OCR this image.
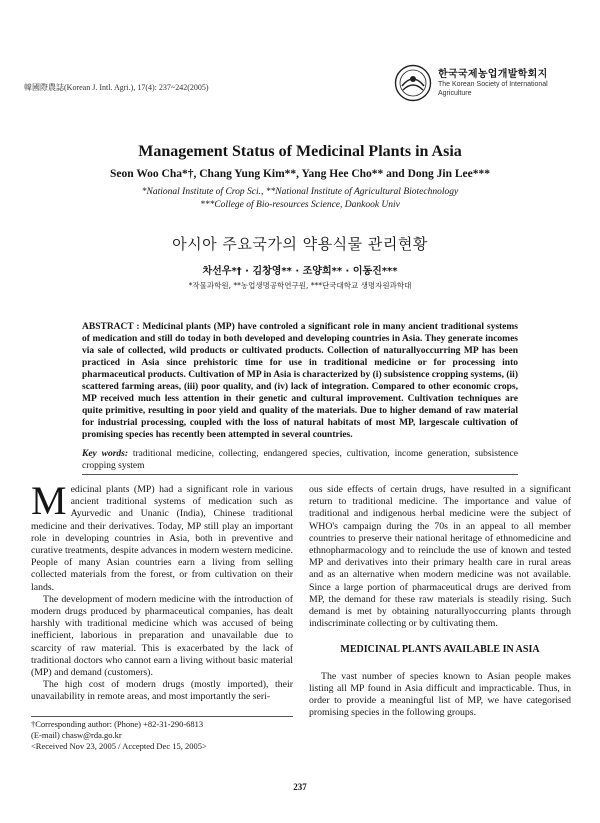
韓國際農誌(Korean J. Intl. Agri.), 17(4): 237~242(2005)
한국국제농업개발학회지
The Korean Society of International Agriculture
Management Status of Medicinal Plants in Asia
Seon Woo Cha*†, Chang Yung Kim**, Yang Hee Cho** and Dong Jin Lee***
*National Institute of Crop Sci., **National Institute of Agricultural Biotechnology
***College of Bio-resources Science, Dankook Univ
아시아 주요국가의 약용식물 관리현황
차선우*† · 김창영** · 조양희** · 이동진***
*작물과학원, **농업생명공학연구원, ***단국대학교 생명자원과학대
ABSTRACT : Medicinal plants (MP) have controled a significant role in many ancient traditional systems of medication and still do today in both developed and developing countries in Asia. They generate incomes via sale of collected, wild products or cultivated products. Collection of naturallyoccurring MP has been practiced in Asia since prehistoric time for use in traditional medicine or for processing into pharmaceutical products. Cultivation of MP in Asia is characterized by (i) subsistence cropping systems, (ii) scattered farming areas, (iii) poor quality, and (iv) lack of integration. Compared to other economic crops, MP received much less attention in their genetic and cultural improvement. Cultivation techniques are quite primitive, resulting in poor yield and quality of the materials. Due to higher demand of raw material for industrial processing, coupled with the loss of natural habitats of most MP, largescale cultivation of promising species has recently been attempted in several countries.
Key words: traditional medicine, collecting, endangered species, cultivation, income generation, subsistence cropping system

Medicinal plants (MP) had a significant role in various ancient traditional systems of medication such as Ayurvedic and Unanic (India), Chinese traditional medicine and their derivatives. Today, MP still play an important role in developing countries in Asia, both in preventive and curative treatments, despite advances in modern western medicine. People of many Asian countries earn a living from selling collected materials from the forest, or from cultivation on their lands.

The development of modern medicine with the introduction of modern drugs produced by pharmaceutical companies, has dealt harshly with traditional medicine which was accused of being inefficient, laborious in preparation and unavailable due to scarcity of raw material. This is exacerbated by the lack of traditional doctors who cannot earn a living without basic material (MP) and demand (customers).

The high cost of modern drugs (mostly imported), their unavailability in remote areas, and most importantly the seri-

ous side effects of certain drugs, have resulted in a significant return to traditional medicine. The importance and value of traditional and indigenous herbal medicine were the subject of WHO's campaign during the 70s in an appeal to all member countries to preserve their national heritage of ethnomedicine and ethnopharmacology and to reinclude the use of known and tested MP and derivatives into their primary health care in rural areas and as an alternative when modern medicine was not available. Since a large portion of pharmaceutical drugs are derived from MP, the demand for these raw materials is steadily rising. Such demand is met by obtaining naturallyoccurring plants through indiscriminate collecting or by cultivating them.

MEDICINAL PLANTS AVAILABLE IN ASIA

The vast number of species known to Asian people makes listing all MP found in Asia difficult and impracticable. Thus, in order to provide a meaningful list of MP, we have categorised promising species in the following groups.

†Corresponding author: (Phone) +82-31-290-6813
(E-mail) chasw@rda.go.kr
<Received Nov 23, 2005 / Accepted Dec 15, 2005>
237
